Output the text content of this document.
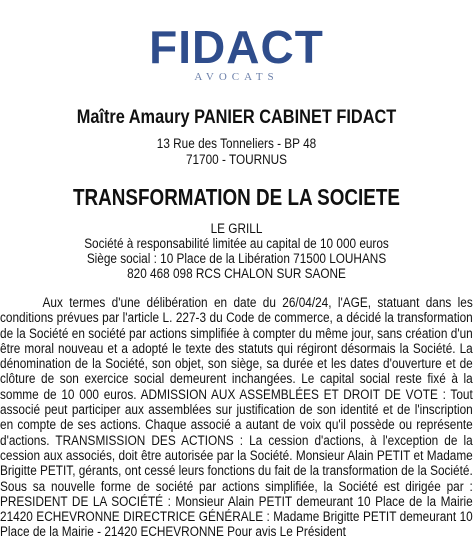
FIDACT
AVOCATS
Maître Amaury PANIER CABINET FIDACT
13 Rue des Tonneliers - BP 48
71700 - TOURNUS
TRANSFORMATION DE LA SOCIETE
LE GRILL
Société à responsabilité limitée au capital de 10 000 euros
Siège social : 10 Place de la Libération 71500 LOUHANS
820 468 098 RCS CHALON SUR SAONE

Aux termes d'une délibération en date du 26/04/24, l'AGE, statuant dans les conditions prévues par l'article L. 227-3 du Code de commerce, a décidé la transformation de la Société en société par actions simplifiée à compter du même jour, sans création d'un être moral nouveau et a adopté le texte des statuts qui régiront désormais la Société. La dénomination de la Société, son objet, son siège, sa durée et les dates d'ouverture et de clôture de son exercice social demeurent inchangées. Le capital social reste fixé à la somme de 10 000 euros. ADMISSION AUX ASSEMBLÉES ET DROIT DE VOTE : Tout associé peut participer aux assemblées sur justification de son identité et de l'inscription en compte de ses actions. Chaque associé a autant de voix qu'il possède ou représente d'actions. TRANSMISSION DES ACTIONS : La cession d'actions, à l'exception de la cession aux associés, doit être autorisée par la Société. Monsieur Alain PETIT et Madame Brigitte PETIT, gérants, ont cessé leurs fonctions du fait de la transformation de la Société. Sous sa nouvelle forme de société par actions simplifiée, la Société est dirigée par : PRESIDENT DE LA SOCIÉTÉ : Monsieur Alain PETIT demeurant 10 Place de la Mairie 21420 ECHEVRONNE DIRECTRICE GÉNÉRALE : Madame Brigitte PETIT demeurant 10 Place de la Mairie - 21420 ECHEVRONNE Pour avis Le Président
